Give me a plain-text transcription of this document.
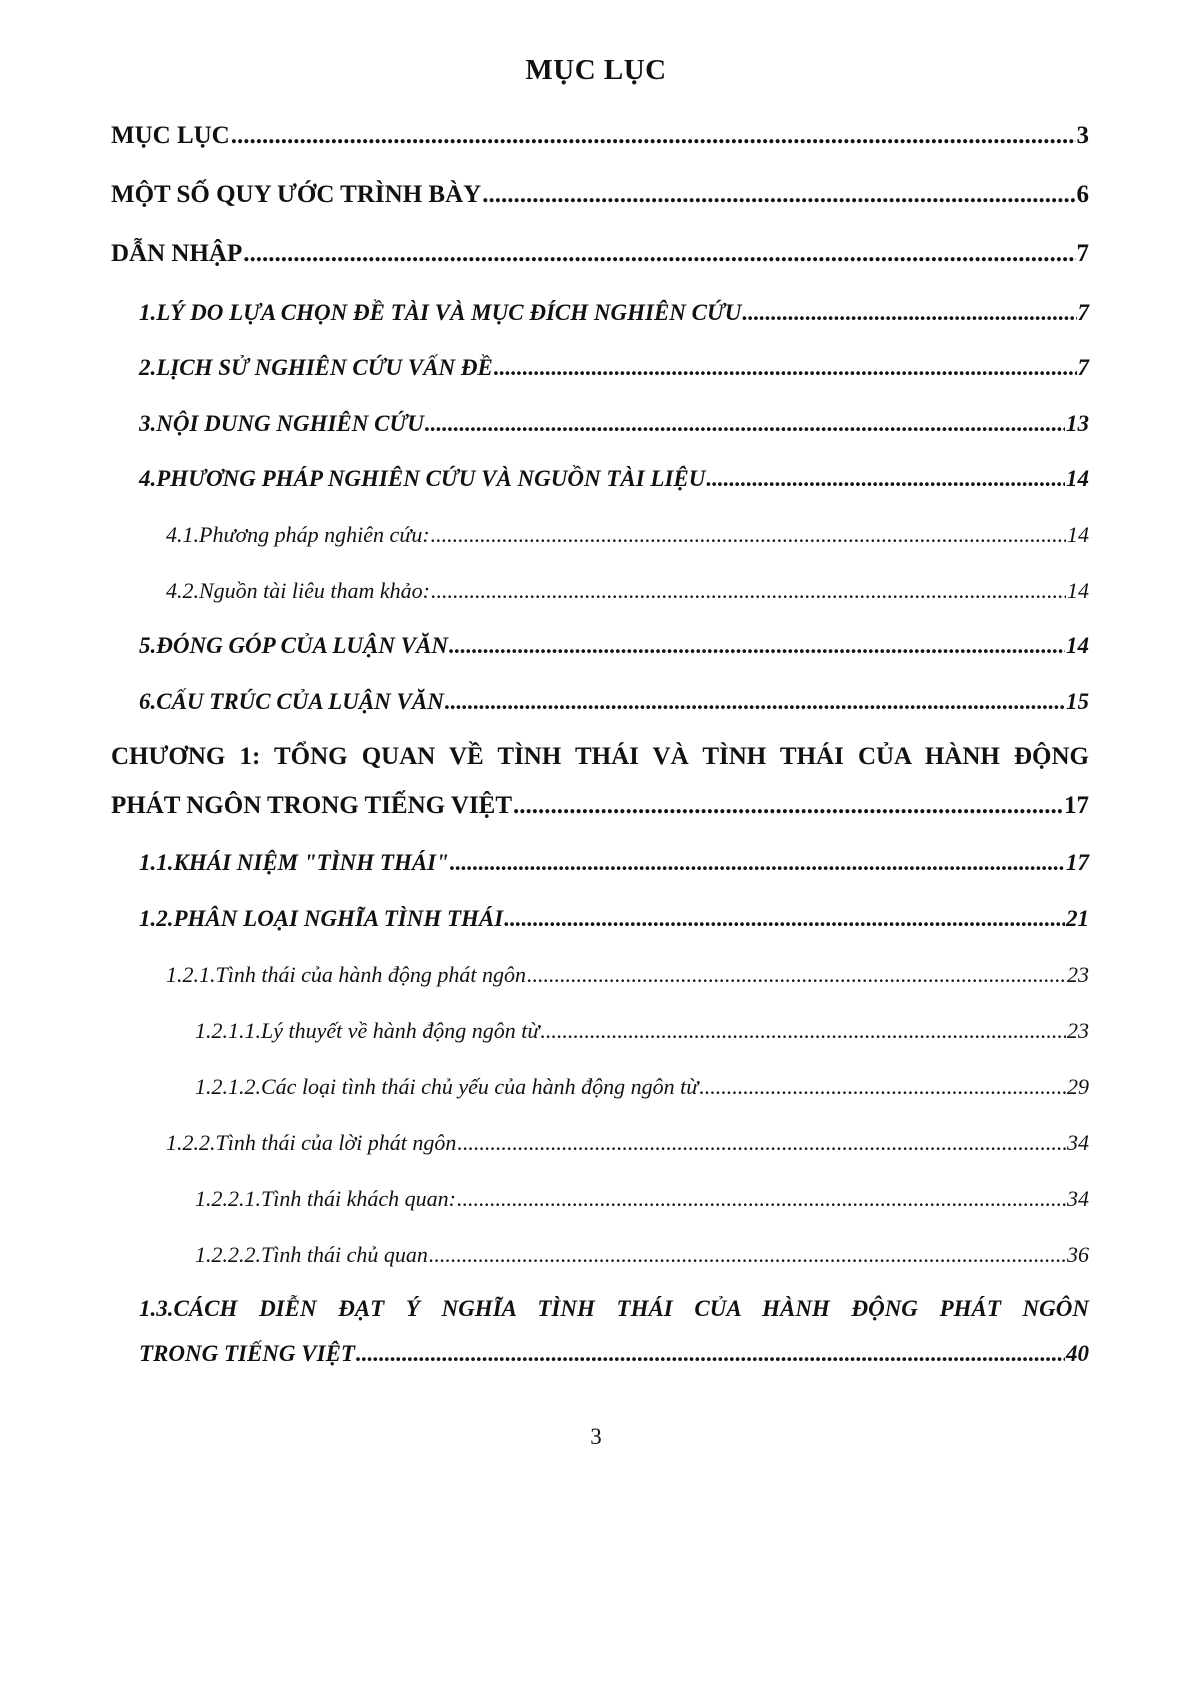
MỤC LỤC
MỤC LỤC .....	3
MỘT SỐ QUY ƯỚC TRÌNH BÀY .....	6
DẪN NHẬP .....	7
1.LÝ DO LỰA CHỌN ĐỀ TÀI VÀ MỤC ĐÍCH NGHIÊN CỨU .....	7
2.LỊCH SỬ NGHIÊN CỨU VẤN ĐỀ .....	7
3.NỘI DUNG NGHIÊN CỨU .....	13
4.PHƯƠNG PHÁP NGHIÊN CỨU VÀ NGUỒN TÀI LIỆU .....	14
4.1.Phương pháp nghiên cứu: .....	14
4.2.Nguồn tài liêu tham khảo: .....	14
5.ĐÓNG GÓP CỦA LUẬN VĂN .....	14
6.CẤU TRÚC CỦA LUẬN VĂN .....	15
CHƯƠNG 1: TỔNG QUAN VỀ TÌNH THÁI VÀ TÌNH THÁI CỦA HÀNH ĐỘNG
PHÁT NGÔN TRONG TIẾNG VIỆT .....	17
1.1.KHÁI NIỆM "TÌNH THÁI" .....	17
1.2.PHÂN LOẠI NGHĨA TÌNH THÁI .....	21
1.2.1.Tình thái của hành động phát ngôn .....	23
1.2.1.1.Lý thuyết về hành động ngôn từ .....	23
1.2.1.2.Các loại tình thái chủ yếu của hành động ngôn từ .....	29
1.2.2.Tình thái của lời phát ngôn .....	34
1.2.2.1.Tình thái khách quan: .....	34
1.2.2.2.Tình thái chủ quan .....	36
1.3.CÁCH DIỄN ĐẠT Ý NGHĨA TÌNH THÁI CỦA HÀNH ĐỘNG PHÁT NGÔN
TRONG TIẾNG VIỆT .....	40
3
